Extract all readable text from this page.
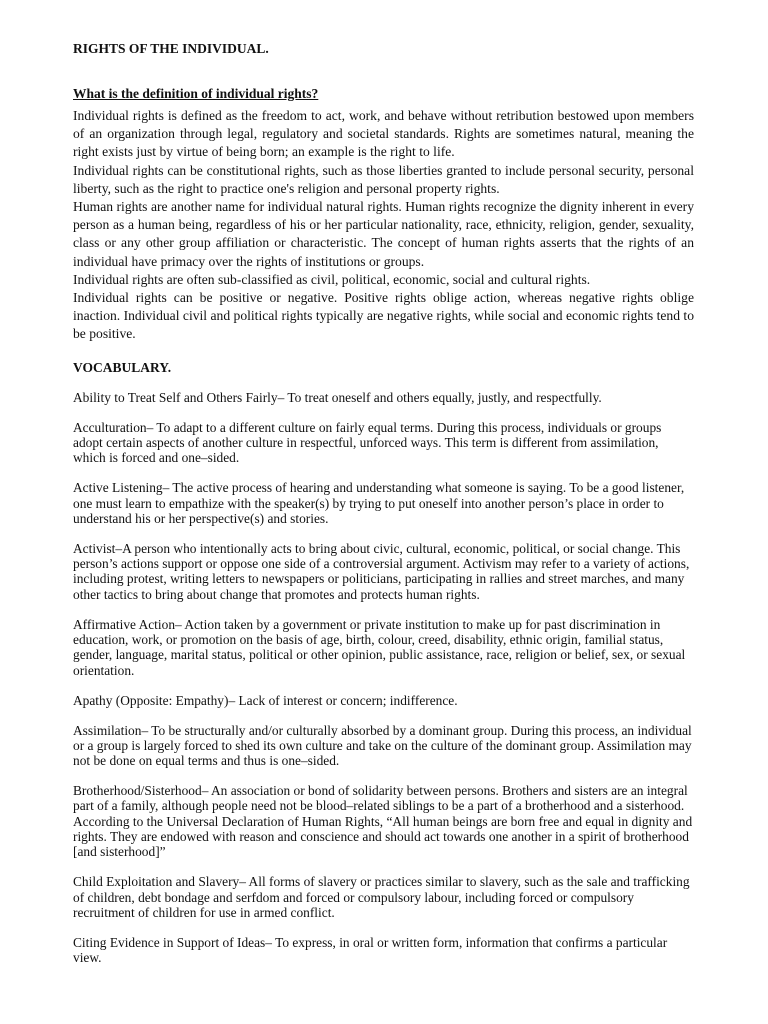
RIGHTS OF THE INDIVIDUAL.
What is the definition of individual rights?

Individual rights is defined as the freedom to act, work, and behave without retribution bestowed upon members of an organization through legal, regulatory and societal standards. Rights are sometimes natural, meaning the right exists just by virtue of being born; an example is the right to life.

Individual rights can be constitutional rights, such as those liberties granted to include personal security, personal liberty, such as the right to practice one's religion and personal property rights.

Human rights are another name for individual natural rights. Human rights recognize the dignity inherent in every person as a human being, regardless of his or her particular nationality, race, ethnicity, religion, gender, sexuality, class or any other group affiliation or characteristic. The concept of human rights asserts that the rights of an individual have primacy over the rights of institutions or groups.

Individual rights are often sub-classified as civil, political, economic, social and cultural rights.

Individual rights can be positive or negative. Positive rights oblige action, whereas negative rights oblige inaction. Individual civil and political rights typically are negative rights, while social and economic rights tend to be positive.

VOCABULARY.

Ability to Treat Self and Others Fairly– To treat oneself and others equally, justly, and respectfully.

Acculturation– To adapt to a different culture on fairly equal terms. During this process, individuals or groups adopt certain aspects of another culture in respectful, unforced ways. This term is different from assimilation, which is forced and one–sided.

Active Listening– The active process of hearing and understanding what someone is saying. To be a good listener, one must learn to empathize with the speaker(s) by trying to put oneself into another person’s place in order to understand his or her perspective(s) and stories.

Activist–A person who intentionally acts to bring about civic, cultural, economic, political, or social change. This person’s actions support or oppose one side of a controversial argument. Activism may refer to a variety of actions, including protest, writing letters to newspapers or politicians, participating in rallies and street marches, and many other tactics to bring about change that promotes and protects human rights.

Affirmative Action– Action taken by a government or private institution to make up for past discrimination in education, work, or promotion on the basis of age, birth, colour, creed, disability, ethnic origin, familial status, gender, language, marital status, political or other opinion, public assistance, race, religion or belief, sex, or sexual orientation.

Apathy (Opposite: Empathy)– Lack of interest or concern; indifference.

Assimilation– To be structurally and/or culturally absorbed by a dominant group. During this process, an individual or a group is largely forced to shed its own culture and take on the culture of the dominant group. Assimilation may not be done on equal terms and thus is one–sided.

Brotherhood/Sisterhood– An association or bond of solidarity between persons. Brothers and sisters are an integral part of a family, although people need not be blood–related siblings to be a part of a brotherhood and a sisterhood. According to the Universal Declaration of Human Rights, “All human beings are born free and equal in dignity and rights. They are endowed with reason and conscience and should act towards one another in a spirit of brotherhood [and sisterhood]”

Child Exploitation and Slavery– All forms of slavery or practices similar to slavery, such as the sale and trafficking of children, debt bondage and serfdom and forced or compulsory labour, including forced or compulsory recruitment of children for use in armed conflict.

Citing Evidence in Support of Ideas– To express, in oral or written form, information that confirms a particular view.
